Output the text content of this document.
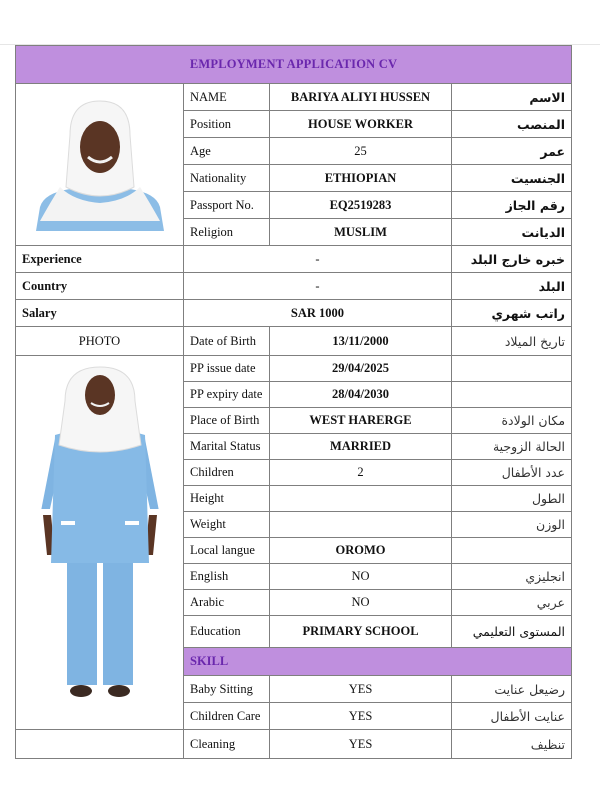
EMPLOYMENT APPLICATION CV			
	NAME	BARIYA ALIYI HUSSEN	الاسم
	Position	HOUSE WORKER	المنصب
	Age	25	عمر
	Nationality	ETHIOPIAN	الجنسيت
	Passport No.	EQ2519283	رقم الجاز
	Religion	MUSLIM	الديانت
Experience	-		خبره خارج البلد
Country	-		البلد
Salary	SAR 1000		راتب شهري
PHOTO	Date of Birth	13/11/2000	تاريخ الميلاد
	PP issue date	29/04/2025	
	PP expiry date	28/04/2030	
	Place of Birth	WEST HARERGE	مكان الولادة
	Marital Status	MARRIED	الحالة الزوجية
	Children	2	عدد الأطفال
	Height		الطول
	Weight		الوزن
	Local langue	OROMO	
	English	NO	انجليزي
	Arabic	NO	عربي
	Education	PRIMARY SCHOOL	المستوى التعليمي
	SKILL		
	Baby Sitting	YES	رضيعل عنايت
	Children Care	YES	عنايت الأطفال
	Cleaning	YES	تنظيف
